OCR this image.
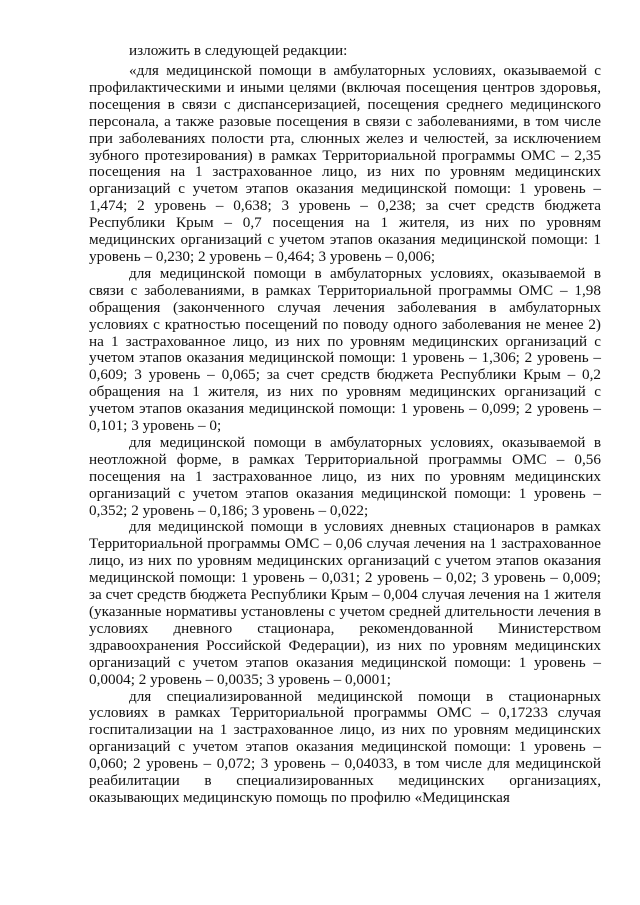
изложить в следующей редакции:

«для медицинской помощи в амбулаторных условиях, оказываемой с профилактическими и иными целями (включая посещения центров здоровья, посещения в связи с диспансеризацией, посещения среднего медицинского персонала, а также разовые посещения в связи с заболеваниями, в том числе при заболеваниях полости рта, слюнных желез и челюстей, за исключением зубного протезирования) в рамках Территориальной программы ОМС – 2,35 посещения на 1 застрахованное лицо, из них по уровням медицинских организаций с учетом этапов оказания медицинской помощи: 1 уровень – 1,474; 2 уровень – 0,638; 3 уровень – 0,238; за счет средств бюджета Республики Крым – 0,7 посещения на 1 жителя, из них по уровням медицинских организаций с учетом этапов оказания медицинской помощи: 1 уровень – 0,230; 2 уровень – 0,464; 3 уровень – 0,006;

для медицинской помощи в амбулаторных условиях, оказываемой в связи с заболеваниями, в рамках Территориальной программы ОМС – 1,98 обращения (законченного случая лечения заболевания в амбулаторных условиях с кратностью посещений по поводу одного заболевания не менее 2) на 1 застрахованное лицо, из них по уровням медицинских организаций с учетом этапов оказания медицинской помощи: 1 уровень – 1,306; 2 уровень – 0,609; 3 уровень – 0,065; за счет средств бюджета Республики Крым – 0,2 обращения на 1 жителя, из них по уровням медицинских организаций с учетом этапов оказания медицинской помощи: 1 уровень – 0,099; 2 уровень – 0,101; 3 уровень – 0;

для медицинской помощи в амбулаторных условиях, оказываемой в неотложной форме, в рамках Территориальной программы ОМС – 0,56 посещения на 1 застрахованное лицо, из них по уровням медицинских организаций с учетом этапов оказания медицинской помощи: 1 уровень – 0,352; 2 уровень – 0,186; 3 уровень – 0,022;

для медицинской помощи в условиях дневных стационаров в рамках Территориальной программы ОМС – 0,06 случая лечения на 1 застрахованное лицо, из них по уровням медицинских организаций с учетом этапов оказания медицинской помощи: 1 уровень – 0,031; 2 уровень – 0,02; 3 уровень – 0,009; за счет средств бюджета Республики Крым – 0,004 случая лечения на 1 жителя (указанные нормативы установлены с учетом средней длительности лечения в условиях дневного стационара, рекомендованной Министерством здравоохранения Российской Федерации), из них по уровням медицинских организаций с учетом этапов оказания медицинской помощи: 1 уровень – 0,0004; 2 уровень – 0,0035; 3 уровень – 0,0001;

для специализированной медицинской помощи в стационарных условиях в рамках Территориальной программы ОМС – 0,17233 случая госпитализации на 1 застрахованное лицо, из них по уровням медицинских организаций с учетом этапов оказания медицинской помощи: 1 уровень – 0,060; 2 уровень – 0,072; 3 уровень – 0,04033, в том числе для медицинской реабилитации в специализированных медицинских организациях, оказывающих медицинскую помощь по профилю «Медицинская
